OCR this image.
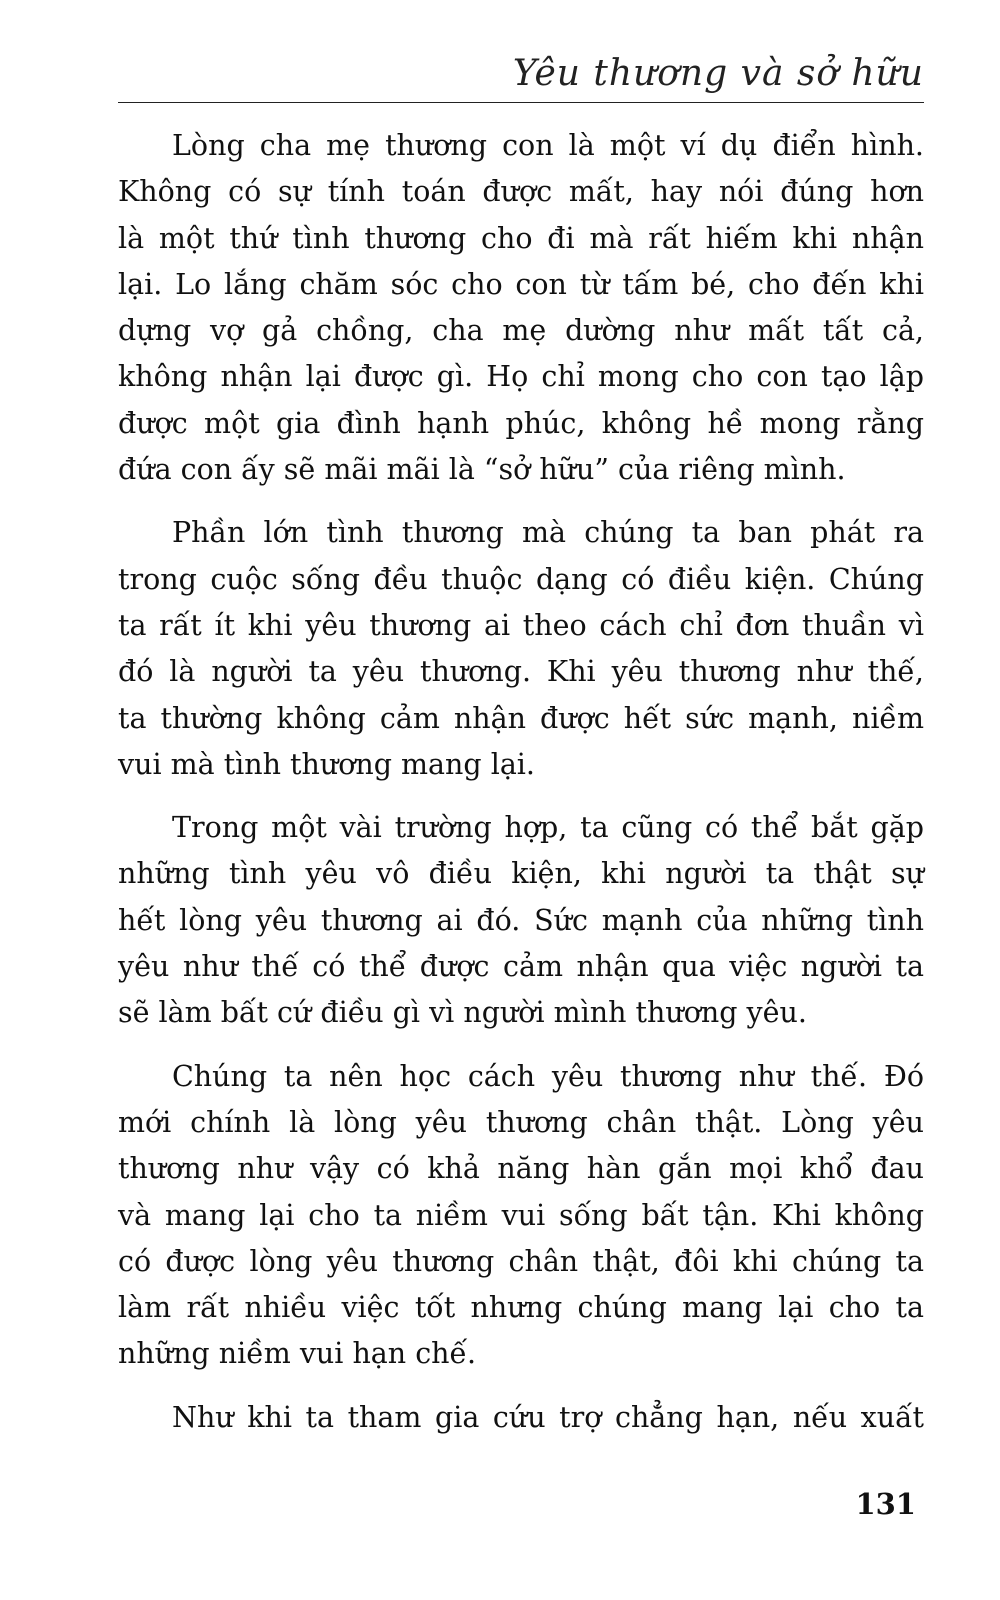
Yêu thương và sở hữu
Lòng cha mẹ thương con là một ví dụ điển hình.
Không có sự tính toán được mất, hay nói đúng hơn
là một thứ tình thương cho đi mà rất hiếm khi nhận
lại. Lo lắng chăm sóc cho con từ tấm bé, cho đến khi
dựng vợ gả chồng, cha mẹ dường như mất tất cả,
không nhận lại được gì. Họ chỉ mong cho con tạo lập
được một gia đình hạnh phúc, không hề mong rằng
đứa con ấy sẽ mãi mãi là “sở hữu” của riêng mình.
Phần lớn tình thương mà chúng ta ban phát ra
trong cuộc sống đều thuộc dạng có điều kiện. Chúng
ta rất ít khi yêu thương ai theo cách chỉ đơn thuần vì
đó là người ta yêu thương. Khi yêu thương như thế,
ta thường không cảm nhận được hết sức mạnh, niềm
vui mà tình thương mang lại.
Trong một vài trường hợp, ta cũng có thể bắt gặp
những tình yêu vô điều kiện, khi người ta thật sự
hết lòng yêu thương ai đó. Sức mạnh của những tình
yêu như thế có thể được cảm nhận qua việc người ta
sẽ làm bất cứ điều gì vì người mình thương yêu.
Chúng ta nên học cách yêu thương như thế. Đó
mới chính là lòng yêu thương chân thật. Lòng yêu
thương như vậy có khả năng hàn gắn mọi khổ đau
và mang lại cho ta niềm vui sống bất tận. Khi không
có được lòng yêu thương chân thật, đôi khi chúng ta
làm rất nhiều việc tốt nhưng chúng mang lại cho ta
những niềm vui hạn chế.
Như khi ta tham gia cứu trợ chẳng hạn, nếu xuất
131
